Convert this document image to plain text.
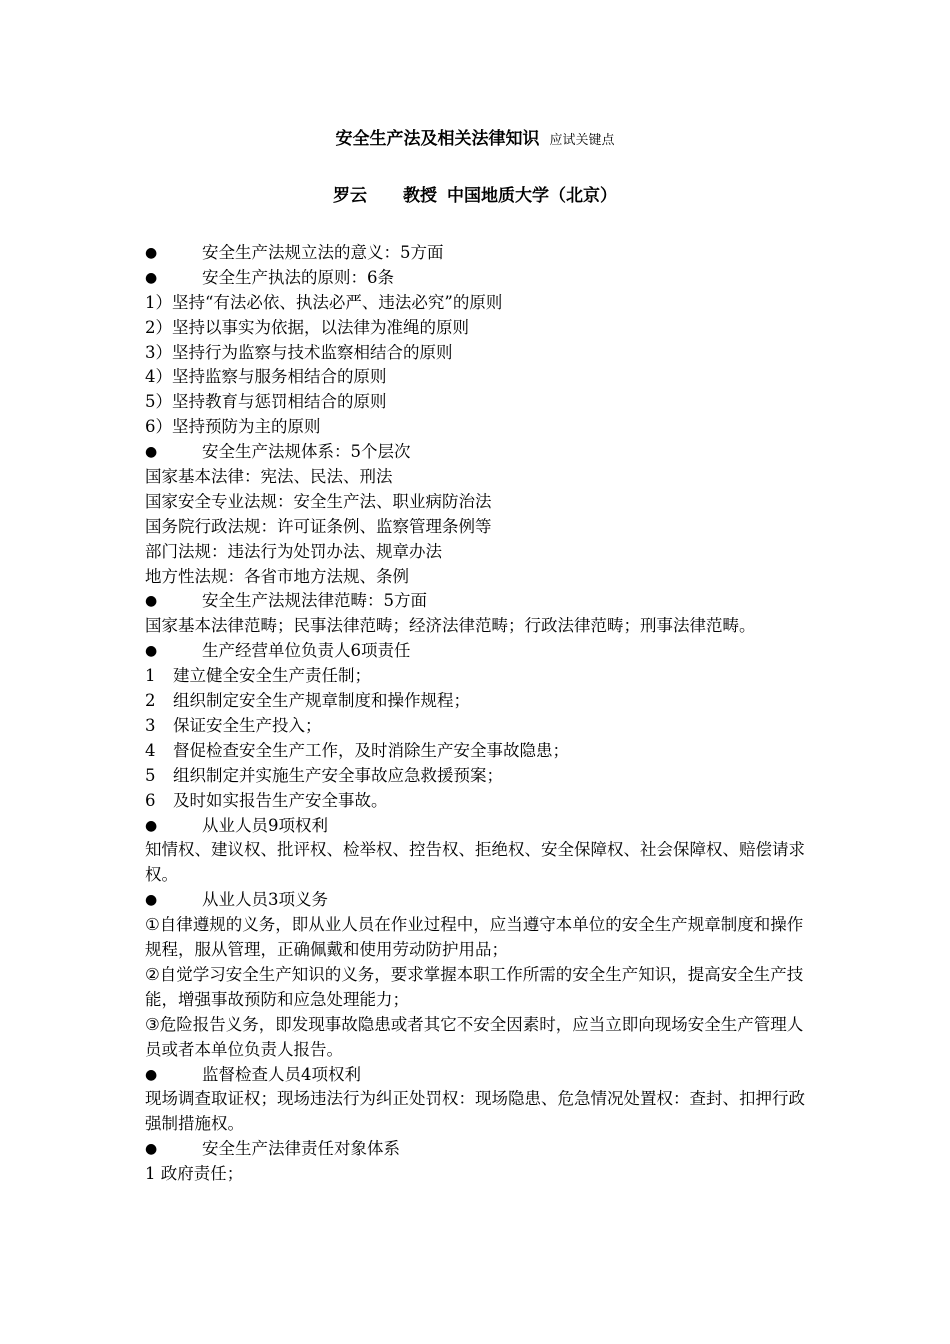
安全生产法及相关法律知识 应试关键点
罗云 教授 中国地质大学（北京）
●	安全生产法规立法的意义：5方面
●	安全生产执法的原则：6条
1）坚持“有法必依、执法必严、违法必究”的原则
2）坚持以事实为依据，以法律为准绳的原则
3）坚持行为监察与技术监察相结合的原则
4）坚持监察与服务相结合的原则
5）坚持教育与惩罚相结合的原则
6）坚持预防为主的原则
●	安全生产法规体系：5个层次
国家基本法律：宪法、民法、刑法
国家安全专业法规：安全生产法、职业病防治法
国务院行政法规：许可证条例、监察管理条例等
部门法规：违法行为处罚办法、规章办法
地方性法规：各省市地方法规、条例
●	安全生产法规法律范畴：5方面
国家基本法律范畴；民事法律范畴；经济法律范畴；行政法律范畴；刑事法律范畴。
●	生产经营单位负责人6项责任
1 建立健全安全生产责任制；
2 组织制定安全生产规章制度和操作规程；
3 保证安全生产投入；
4 督促检查安全生产工作，及时消除生产安全事故隐患；
5 组织制定并实施生产安全事故应急救援预案；
6 及时如实报告生产安全事故。
●	从业人员9项权利
知情权、建议权、批评权、检举权、控告权、拒绝权、安全保障权、社会保障权、赔偿请求权。
●	从业人员3项义务
①自律遵规的义务，即从业人员在作业过程中，应当遵守本单位的安全生产规章制度和操作规程，服从管理，正确佩戴和使用劳动防护用品；
②自觉学习安全生产知识的义务，要求掌握本职工作所需的安全生产知识，提高安全生产技能，增强事故预防和应急处理能力；
③危险报告义务，即发现事故隐患或者其它不安全因素时，应当立即向现场安全生产管理人员或者本单位负责人报告。
●	监督检查人员4项权利
现场调查取证权；现场违法行为纠正处罚权：现场隐患、危急情况处置权：查封、扣押行政强制措施权。
●	安全生产法律责任对象体系
1 政府责任；
